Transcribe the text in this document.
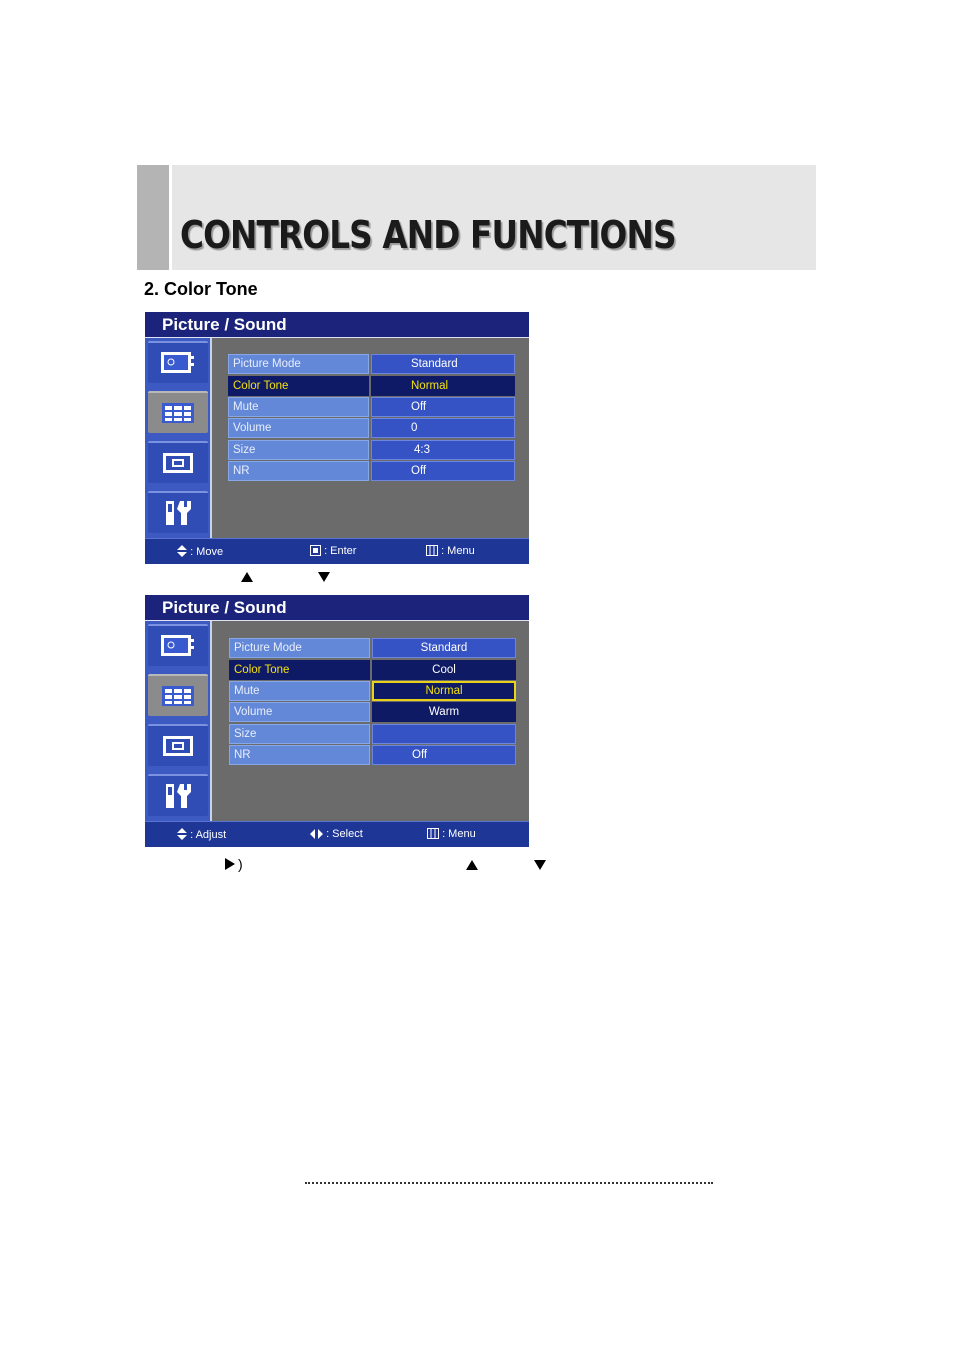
CONTROLS AND FUNCTIONS
2. Color Tone
Picture / Sound
Picture Mode	Standard
Color Tone	Normal
Mute	Off
Volume	0
Size	4:3
NR	Off
: Move	: Enter	: Menu
Picture / Sound
Picture Mode	Standard
Color Tone	Cool
Mute	Normal
Volume	Warm
Size
NR	Off
: Adjust	: Select	: Menu
)
